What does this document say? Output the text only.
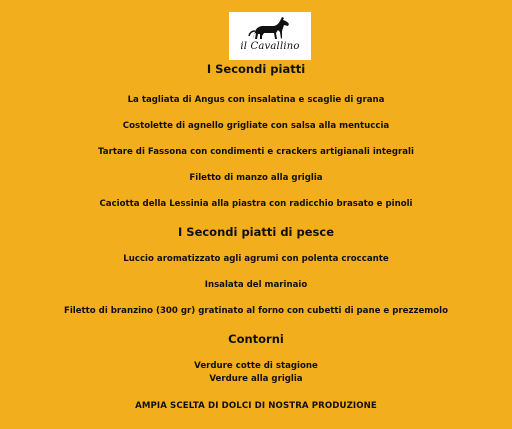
il Cavallino
I Secondi piatti
La tagliata di Angus con insalatina e scaglie di grana
Costolette di agnello grigliate con salsa alla mentuccia
Tartare di Fassona con condimenti e crackers artigianali integrali
Filetto di manzo alla griglia
Caciotta della Lessinia alla piastra con radicchio brasato e pinoli
I Secondi piatti di pesce
Luccio aromatizzato agli agrumi con polenta croccante
Insalata del marinaio
Filetto di branzino (300 gr) gratinato al forno con cubetti di pane e prezzemolo
Contorni
Verdure cotte di stagione
Verdure alla griglia
AMPIA SCELTA DI DOLCI DI NOSTRA PRODUZIONE
